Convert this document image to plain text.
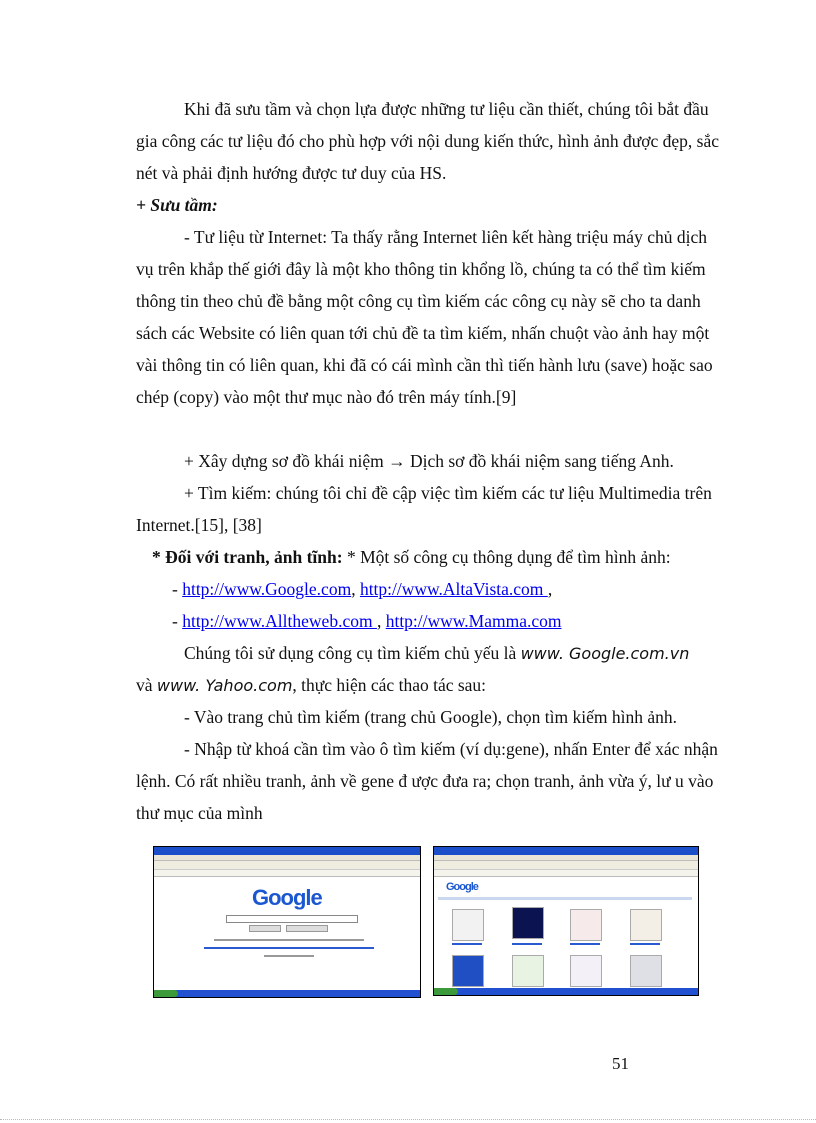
Khi đã sưu tầm và chọn lựa được những tư liệu cần thiết, chúng tôi bắt đầu gia công các tư liệu đó cho phù hợp với nội dung kiến thức, hình ảnh được đẹp, sắc nét và phải định hướng được tư duy của HS.

+ Sưu tầm:

- Tư liệu từ Internet: Ta thấy rằng Internet liên kết hàng triệu máy chủ dịch vụ trên khắp thế giới đây là một kho thông tin khổng lồ, chúng ta có thể tìm kiếm thông tin theo chủ đề bằng một công cụ tìm kiếm các công cụ này sẽ cho ta danh sách các Website có liên quan tới chủ đề ta tìm kiếm, nhấn chuột vào ảnh hay một vài thông tin có liên quan, khi đã có cái mình cần thì tiến hành lưu (save) hoặc sao chép (copy) vào một thư mục nào đó trên máy tính.[9]

+ Xây dựng sơ đồ khái niệm → Dịch sơ đồ khái niệm sang tiếng Anh.

+ Tìm kiếm: chúng tôi chỉ đề cập việc tìm kiếm các tư liệu Multimedia trên Internet.[15], [38]

* Đối với tranh, ảnh tĩnh: * Một số công cụ thông dụng để tìm hình ảnh:

- http://www.Google.com, http://www.AltaVista.com ,

- http://www.Alltheweb.com , http://www.Mamma.com

Chúng tôi sử dụng công cụ tìm kiếm chủ yếu là www. Google.com.vn

và www. Yahoo.com, thực hiện các thao tác sau:

- Vào trang chủ tìm kiếm (trang chủ Google), chọn tìm kiếm hình ảnh.

- Nhập từ khoá cần tìm vào ô tìm kiếm (ví dụ:gene), nhấn Enter để xác nhận lệnh. Có rất nhiều tranh, ảnh về gene đ ược đưa ra; chọn tranh, ảnh vừa ý, lư u vào thư mục của mình

Google	Google
51
